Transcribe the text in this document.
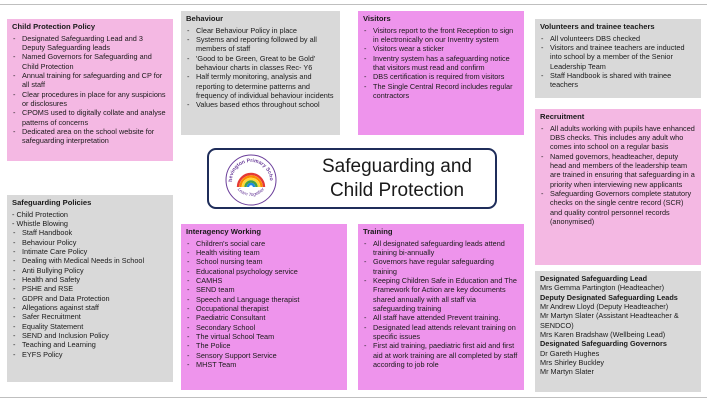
Child Protection Policy
- Designated Safeguarding Lead and 3 Deputy Safeguarding leads
- Named Governors for Safeguarding and Child Protection
- Annual training for safeguarding and CP for all staff
- Clear procedures in place for any suspicions or disclosures
- CPOMS used to digitally collate and analyse patterns of concerns
- Dedicated area on the school website for safeguarding interpretation
Behaviour
- Clear Behaviour Policy in place
- Systems and reporting followed by all members of staff
- 'Good to be Green, Great to be Gold' behaviour charts in classes Rec- Y6
- Half termly monitoring, analysis and reporting to determine patterns and frequency of individual behaviour incidents
- Values based ethos throughout school
Visitors
- Visitors report to the front Reception to sign in electronically on our Inventry system
- Visitors wear a sticker
- Inventry system has a safeguarding notice that visitors must read and confirm
- DBS certification is required from visitors
- The Single Central Record includes regular contractors
Volunteers and trainee teachers
- All volunteers DBS checked
- Visitors and trainee teachers are inducted into school by a member of the Senior Leadership Team
- Staff Handbook is shared with trainee teachers
Recruitment
- All adults working with pupils have enhanced DBS checks. This includes any adult who comes into school on a regular basis
- Named governors, headteacher, deputy head and members of the leadership team are trained in ensuring that safeguarding in a priority when interviewing new applicants
- Safeguarding Governors complete statutory checks on the single centre record (SCR) and quality control personnel records (anonymised)
hevington Primary Scho
Learn Together
Safeguarding and Child Protection
Safeguarding Policies
- Child Protection
- Whistle Blowing
- Staff Handbook
- Behaviour Policy
- Intimate Care Policy
- Dealing with Medical Needs in School
- Anti Bullying Policy
- Health and Safety
- PSHE and RSE
- GDPR and Data Protection
- Allegations against staff
- Safer Recruitment
- Equality Statement
- SEND and Inclusion Policy
- Teaching and Learning
- EYFS Policy
Interagency Working
- Children's social care
- Health visiting team
- School nursing team
- Educational psychology service
- CAMHS
- SEND team
- Speech and Language therapist
- Occupational therapist
- Paediatric Consultant
- Secondary School
- The virtual School Team
- The Police
- Sensory Support Service
- MHST Team
Training
- All designated safeguarding leads attend training bi-annually
- Governors have regular safeguarding training
- Keeping Children Safe in Education and The Framework for Action are key documents shared annually with all staff via safeguarding training
- All staff have attended Prevent training.
- Designated lead attends relevant training on specific issues
- First aid training, paediatric first aid and first aid at work training are all completed by staff according to job role
Designated Safeguarding Lead
Mrs Gemma Partington (Headteacher)
Deputy Designated Safeguarding Leads
Mr Andrew Lloyd (Deputy Headteacher)
Mr Martyn Slater (Assistant Headteacher & SENDCO)
Mrs Karen Bradshaw (Wellbeing Lead)
Designated Safeguarding Governors
Dr Gareth Hughes
Mrs Shirley Buckley
Mr Martyn Slater
